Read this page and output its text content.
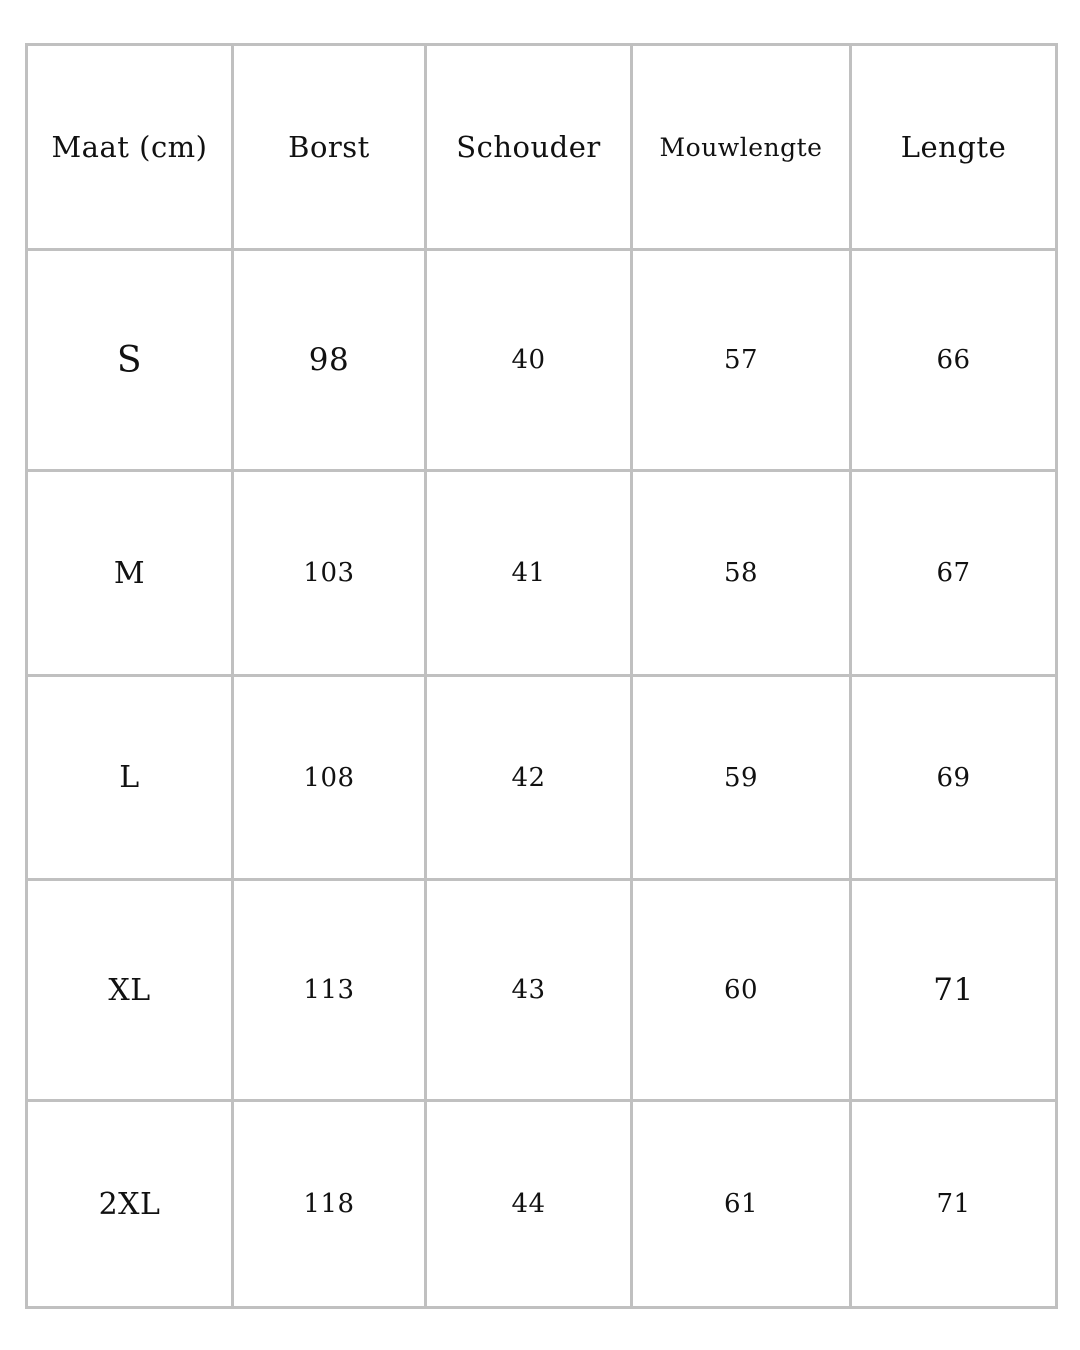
Maat (cm)	Borst	Schouder	Mouwlengte	Lengte
S	98	40	57	66
M	103	41	58	67
L	108	42	59	69
XL	113	43	60	71
2XL	118	44	61	71
